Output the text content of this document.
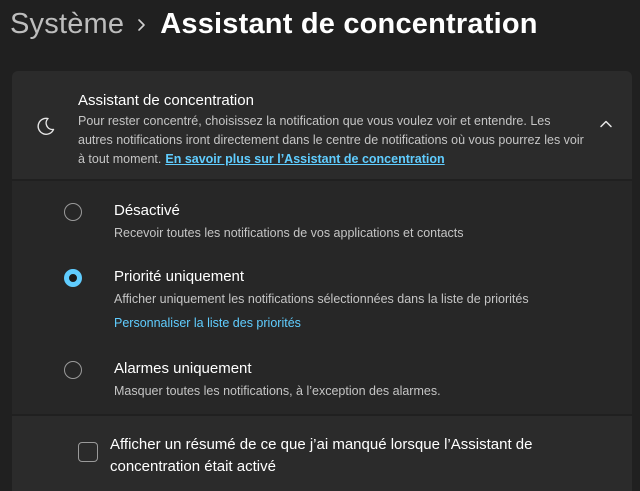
Système Assistant de concentration
Assistant de concentration
Pour rester concentré, choisissez la notification que vous voulez voir et entendre. Les autres notifications iront directement dans le centre de notifications où vous pourrez les voir à tout moment. En savoir plus sur l’Assistant de concentration
Désactivé
Recevoir toutes les notifications de vos applications et contacts
Priorité uniquement
Afficher uniquement les notifications sélectionnées dans la liste de priorités
Personnaliser la liste des priorités
Alarmes uniquement
Masquer toutes les notifications, à l’exception des alarmes.
Afficher un résumé de ce que j’ai manqué lorsque l’Assistant de concentration était activé
